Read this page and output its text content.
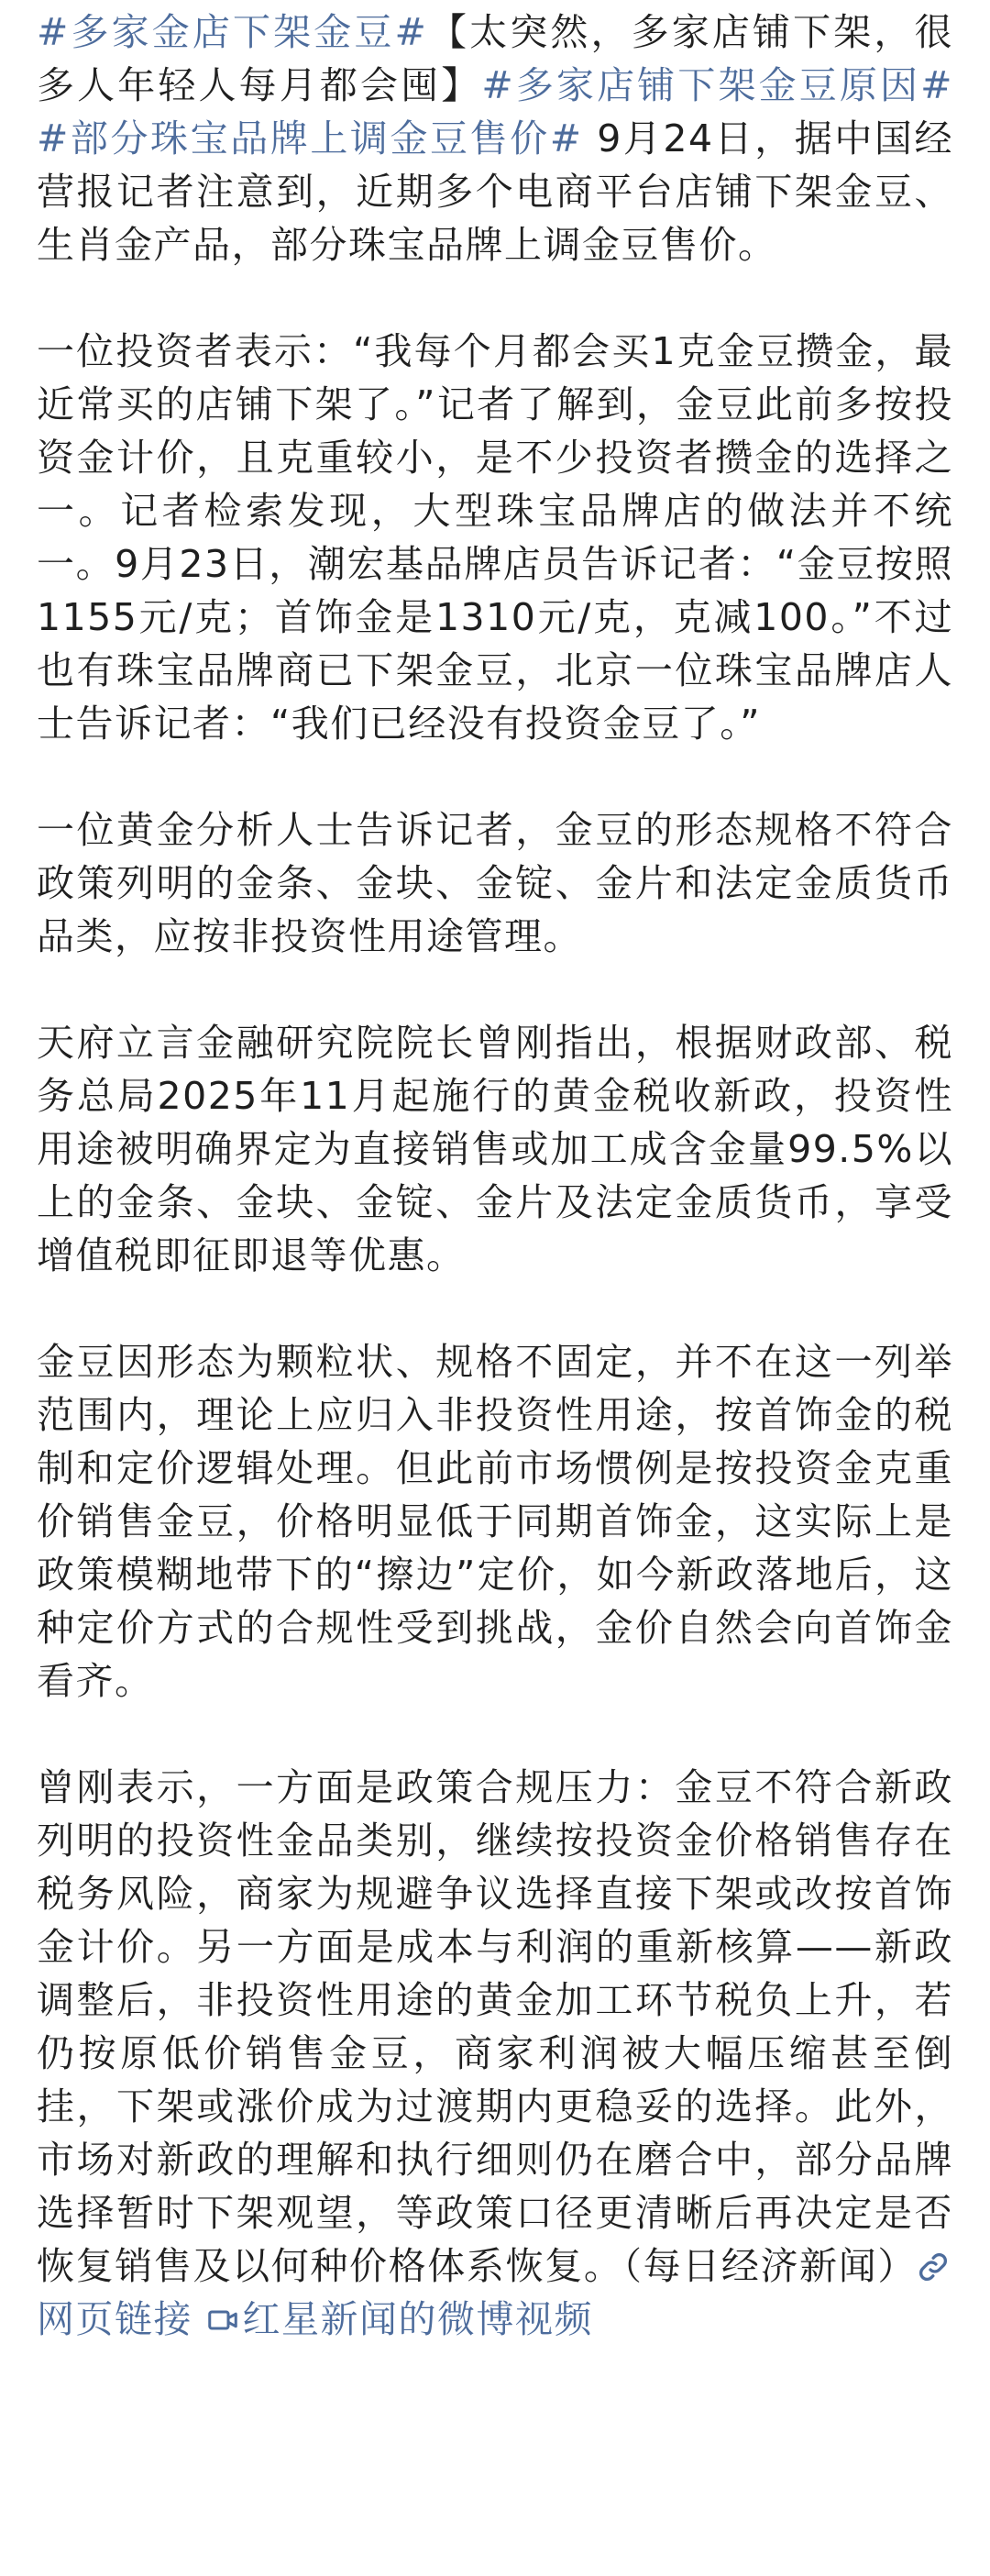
#多家金店下架金豆#【太突然，多家店铺下架，很多人年轻人每月都会囤】#多家店铺下架金豆原因##部分珠宝品牌上调金豆售价# 9月24日，据中国经营报记者注意到，近期多个电商平台店铺下架金豆、生肖金产品，部分珠宝品牌上调金豆售价。

一位投资者表示：“我每个月都会买1克金豆攒金，最近常买的店铺下架了。”记者了解到，金豆此前多按投资金计价，且克重较小，是不少投资者攒金的选择之一。记者检索发现，大型珠宝品牌店的做法并不统一。9月23日，潮宏基品牌店员告诉记者：“金豆按照1155元/克；首饰金是1310元/克，克减100。”不过也有珠宝品牌商已下架金豆，北京一位珠宝品牌店人士告诉记者：“我们已经没有投资金豆了。”

一位黄金分析人士告诉记者，金豆的形态规格不符合政策列明的金条、金块、金锭、金片和法定金质货币品类，应按非投资性用途管理。

天府立言金融研究院院长曾刚指出，根据财政部、税务总局2025年11月起施行的黄金税收新政，投资性用途被明确界定为直接销售或加工成含金量99.5%以上的金条、金块、金锭、金片及法定金质货币，享受增值税即征即退等优惠。

金豆因形态为颗粒状、规格不固定，并不在这一列举范围内，理论上应归入非投资性用途，按首饰金的税制和定价逻辑处理。但此前市场惯例是按投资金克重价销售金豆，价格明显低于同期首饰金，这实际上是政策模糊地带下的“擦边”定价，如今新政落地后，这种定价方式的合规性受到挑战，金价自然会向首饰金看齐。

曾刚表示，一方面是政策合规压力：金豆不符合新政列明的投资性金品类别，继续按投资金价格销售存在税务风险，商家为规避争议选择直接下架或改按首饰金计价。另一方面是成本与利润的重新核算——新政调整后，非投资性用途的黄金加工环节税负上升，若仍按原低价销售金豆，商家利润被大幅压缩甚至倒挂，下架或涨价成为过渡期内更稳妥的选择。此外，市场对新政的理解和执行细则仍在磨合中，部分品牌选择暂时下架观望，等政策口径更清晰后再决定是否恢复销售及以何种价格体系恢复。（每日经济新闻）
网页链接 红星新闻的微博视频
